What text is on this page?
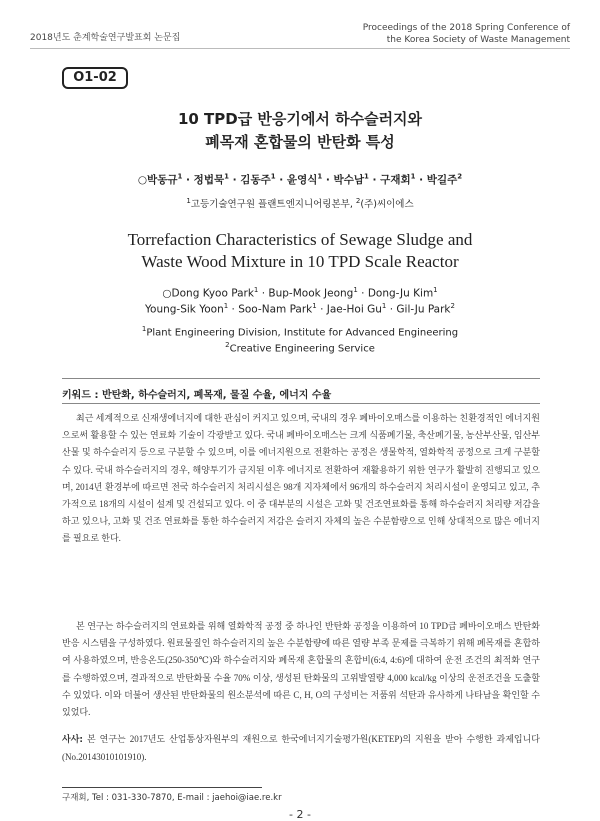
2018년도 춘계학술연구발표회 논문집
Proceedings of the 2018 Spring Conference of
the Korea Society of Waste Management
O1-02
10 TPD급 반응기에서 하수슬러지와
폐목재 혼합물의 반탄화 특성
○박동규$^1$ · 정법묵$^1$ · 김동주$^1$ · 윤영식$^1$ · 박수남$^1$ · 구재회$^1$ · 박길주$^2$
$^1$고등기술연구원 플랜트엔지니어링본부, $^2$(주)씨이에스
Torrefaction Characteristics of Sewage Sludge and
Waste Wood Mixture in 10 TPD Scale Reactor
○Dong Kyoo Park$^1$ · Bup-Mook Jeong$^1$ · Dong-Ju Kim$^1$
Young-Sik Yoon$^1$ · Soo-Nam Park$^1$ · Jae-Hoi $Gu^1 \cdot Gil-Ju$ Park$^2$
$^1$Plant Engineering Division, Institute for Advanced Engineering
$^2$Creative Engineering Service
키워드 : 반탄화, 하수슬러지, 폐목재, 물질 수율, 에너지 수율

최근 세계적으로 신재생에너지에 대한 관심이 커지고 있으며, 국내의 경우 폐바이오매스를 이용하는 친환경적인 에너지원으로써 활용할 수 있는 연료화 기술이 각광받고 있다. 국내 폐바이오매스는 크게 식품폐기물, 축산폐기물, 농산부산물, 임산부산물 및 하수슬러지 등으로 구분할 수 있으며, 이를 에너지원으로 전환하는 공정은 생물학적, 열화학적 공정으로 크게 구분할 수 있다. 국내 하수슬러지의 경우, 해양투기가 금지된 이후 에너지로 전환하여 재활용하기 위한 연구가 활발히 진행되고 있으며, 2014년 환경부에 따르면 전국 하수슬러지 처리시설은 98개 지자체에서 96개의 하수슬러지 처리시설이 운영되고 있고, 추가적으로 18개의 시설이 설계 및 건설되고 있다. 이 중 대부분의 시설은 고화 및 건조연료화를 통해 하수슬러지 처리량 저감을 하고 있으나, 고화 및 건조 연료화를 통한 하수슬러지 저감은 슬러지 자체의 높은 수분함량으로 인해 상대적으로 많은 에너지를 필요로 한다.

본 연구는 하수슬러지의 연료화를 위해 열화학적 공정 중 하나인 반탄화 공정을 이용하여 10 TPD급 폐바이오매스 반탄화 반응 시스템을 구성하였다. 원료물질인 하수슬러지의 높은 수분함량에 따른 열량 부족 문제를 극복하기 위해 폐목재를 혼합하여 사용하였으며, 반응온도(250-350℃)와 하수슬러지와 폐목재 혼합물의 혼합비(6:4, 4:6)에 대하여 운전 조건의 최적화 연구를 수행하였으며, 결과적으로 반탄화물 수율 70% 이상, 생성된 탄화물의 고위발열량 4,000 kcal/kg 이상의 운전조건을 도출할 수 있었다. 이와 더불어 생산된 반탄화물의 원소분석에 따른 C, H, O의 구성비는 저품위 석탄과 유사하게 나타남을 확인할 수 있었다.

사사: 본 연구는 2017년도 산업통상자원부의 재원으로 한국에너지기술평가원(KETEP)의 지원을 받아 수행한 과제입니다(No.20143010101910).
구재회, Tel : 031-330-7870, E-mail : jaehoi@iae.re.kr
- 2 -
